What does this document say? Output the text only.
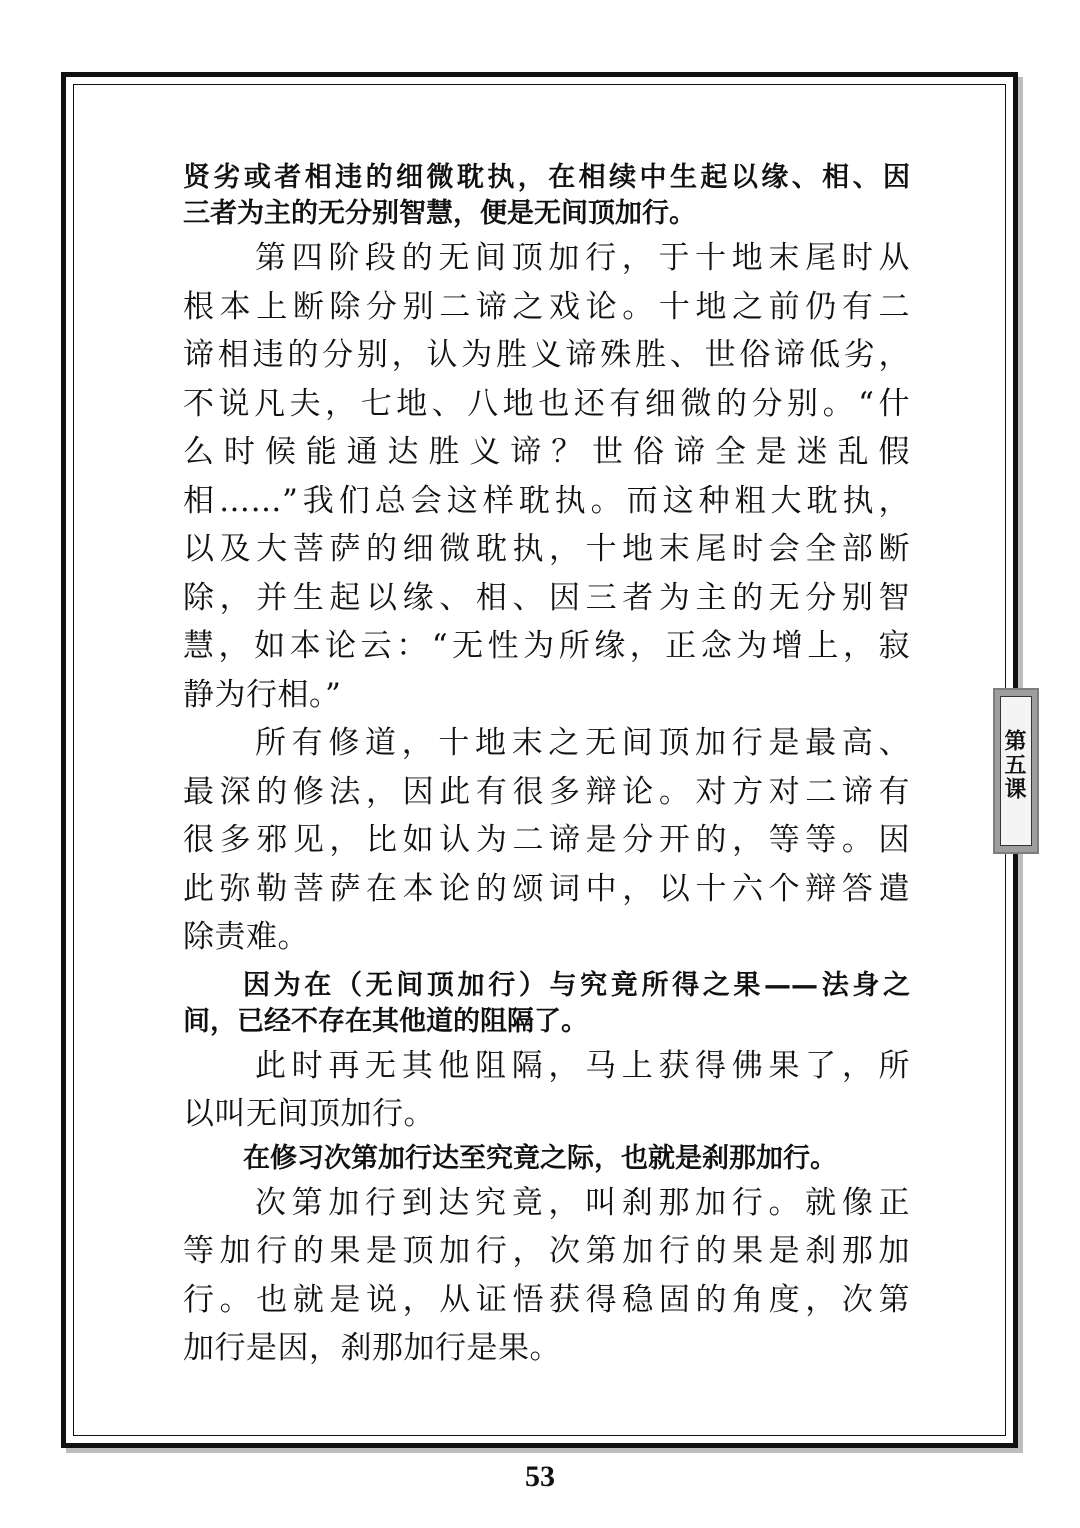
贤劣或者相违的细微耽执，在相续中生起以缘、相、因
三者为主的无分别智慧，便是无间顶加行。
第四阶段的无间顶加行，于十地末尾时从
根本上断除分别二谛之戏论。十地之前仍有二
谛相违的分别，认为胜义谛殊胜、世俗谛低劣，
不说凡夫，七地、八地也还有细微的分别。“什
么时候能通达胜义谛？世俗谛全是迷乱假
相……”我们总会这样耽执。而这种粗大耽执，
以及大菩萨的细微耽执，十地末尾时会全部断
除，并生起以缘、相、因三者为主的无分别智
慧，如本论云：“无性为所缘，正念为增上，寂
静为行相。”
所有修道，十地末之无间顶加行是最高、
最深的修法，因此有很多辩论。对方对二谛有
很多邪见，比如认为二谛是分开的，等等。因
此弥勒菩萨在本论的颂词中，以十六个辩答遣
除责难。
因为在（无间顶加行）与究竟所得之果——法身之
间，已经不存在其他道的阻隔了。
此时再无其他阻隔，马上获得佛果了，所
以叫无间顶加行。
在修习次第加行达至究竟之际，也就是刹那加行。
次第加行到达究竟，叫刹那加行。就像正
等加行的果是顶加行，次第加行的果是刹那加
行。也就是说，从证悟获得稳固的角度，次第
加行是因，刹那加行是果。
第五课
53
